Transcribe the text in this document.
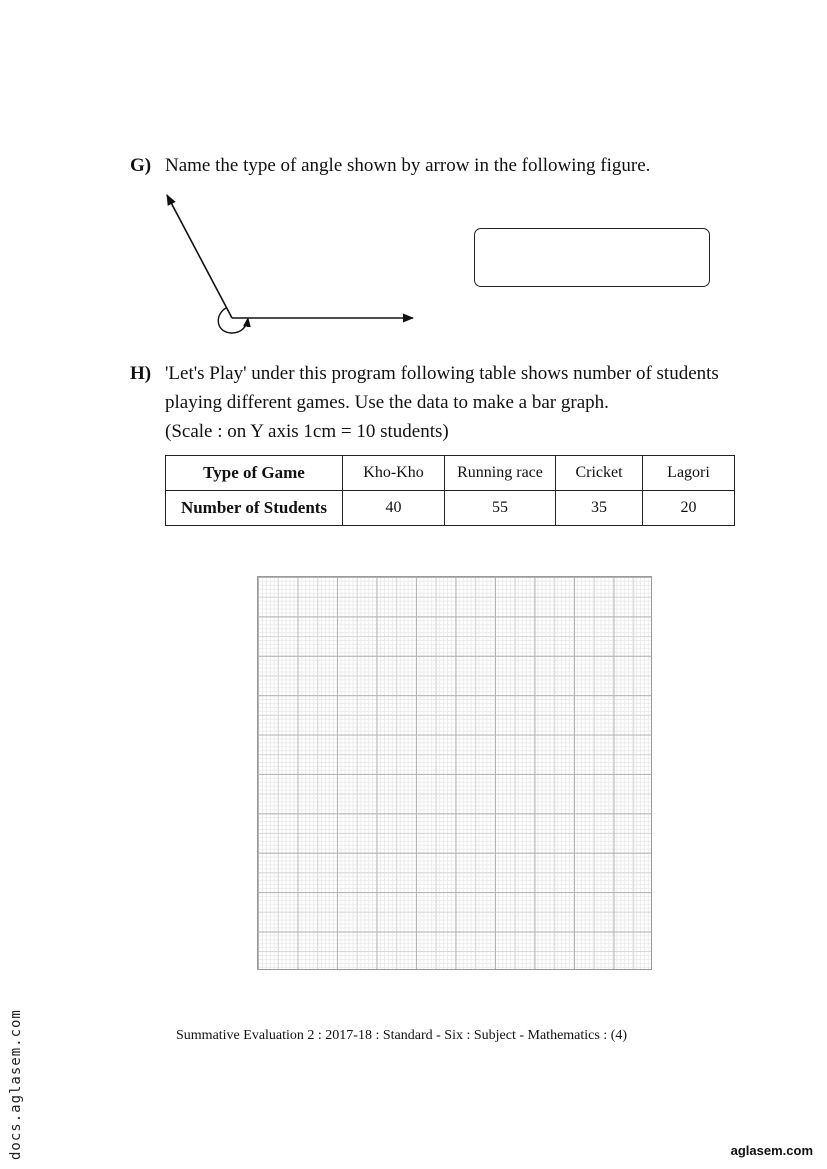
G) Name the type of angle shown by arrow in the following figure.
H) 'Let's Play' under this program following table shows number of students
playing different games. Use the data to make a bar graph.
(Scale : on Y axis 1cm = 10 students)
Type of Game	Kho-Kho	Running race	Cricket	Lagori
Number of Students	40	55	35	20
Summative Evaluation 2 : 2017-18 : Standard - Six : Subject - Mathematics : (4)
docs.aglasem.com	aglasem.com
